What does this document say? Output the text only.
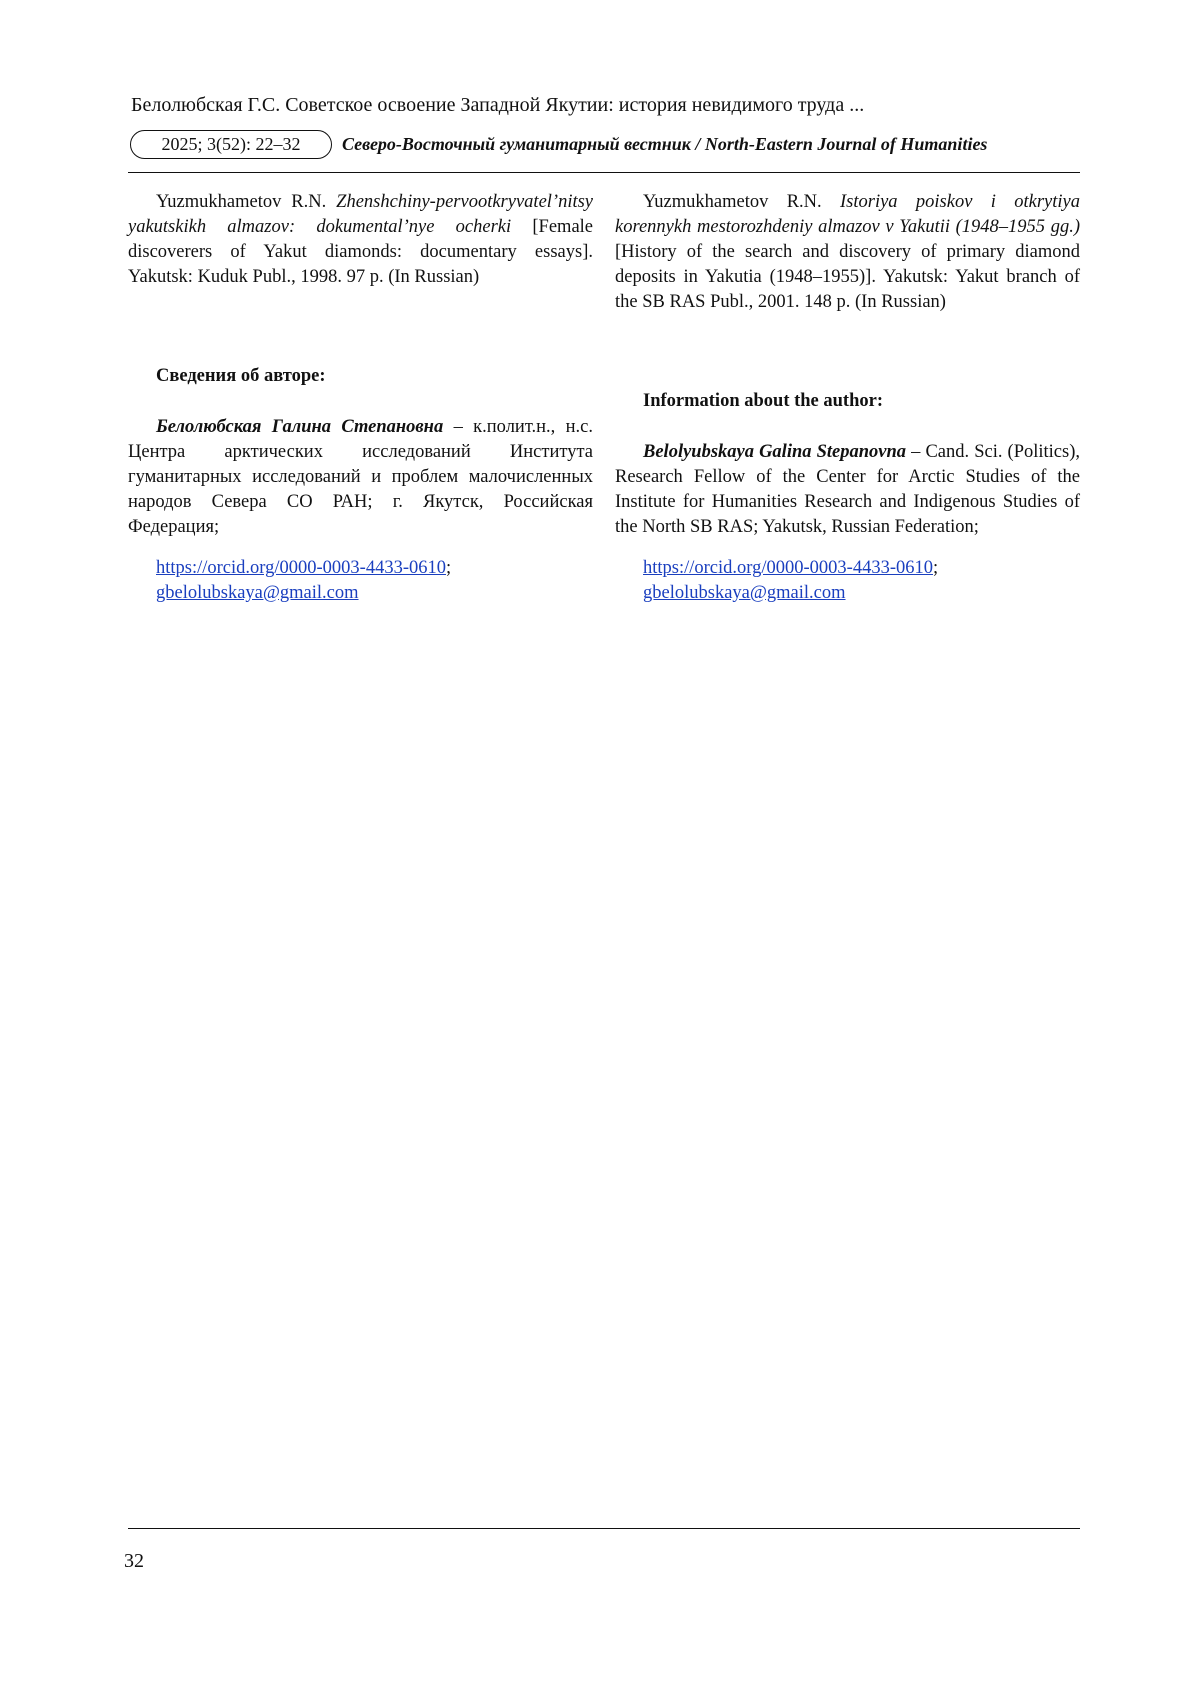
Белолюбская Г.С. Советское освоение Западной Якутии: история невидимого труда ...
2025; 3(52): 22–32	Северо-Восточный гуманитарный вестник / North-Eastern Journal of Humanities

Yuzmukhametov R.N. Zhenshchiny-pervootkryvatel’nitsy yakutskikh almazov: dokumental’nye ocherki [Female discoverers of Yakut diamonds: documentary essays]. Yakutsk: Kuduk Publ., 1998. 97 p. (In Russian)

Сведения об авторе:

Белолюбская Галина Степановна – к.полит.н., н.с. Центра арктических исследований Института гуманитарных исследований и проблем малочисленных народов Севера СО РАН; г. Якутск, Российская Федерация;

https://orcid.org/0000-0003-4433-0610;
gbelolubskaya@gmail.com

Yuzmukhametov R.N. Istoriya poiskov i otkrytiya korennykh mestorozhdeniy almazov v Yakutii (1948–1955 gg.) [History of the search and discovery of primary diamond deposits in Yakutia (1948–1955)]. Yakutsk: Yakut branch of the SB RAS Publ., 2001. 148 p. (In Russian)

Information about the author:

Belolyubskaya Galina Stepanovna – Cand. Sci. (Politics), Research Fellow of the Center for Arctic Studies of the Institute for Humanities Research and Indigenous Studies of the North SB RAS; Yakutsk, Russian Federation;

https://orcid.org/0000-0003-4433-0610;
gbelolubskaya@gmail.com

32
